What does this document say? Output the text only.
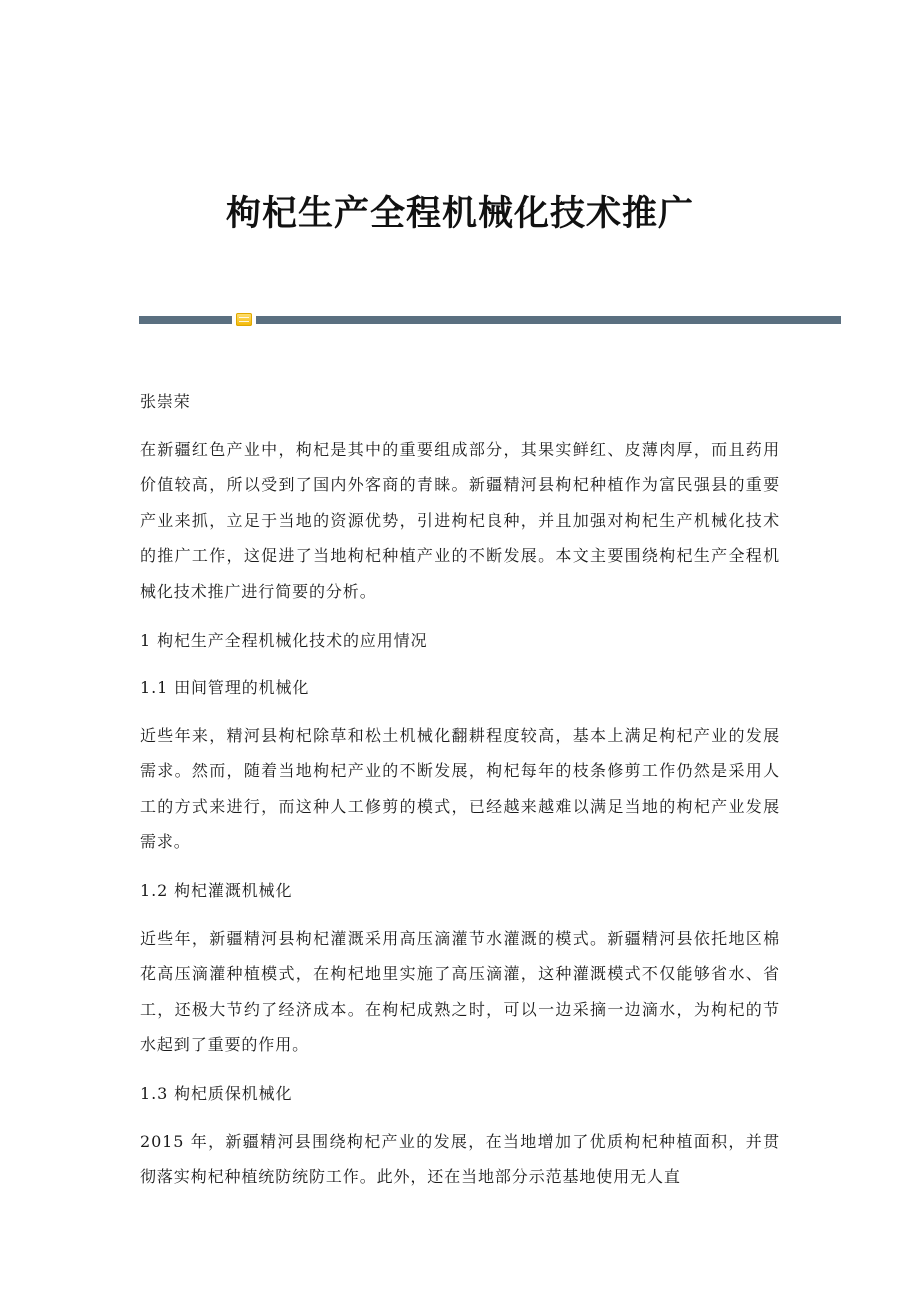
枸杞生产全程机械化技术推广

张崇荣

在新疆红色产业中，枸杞是其中的重要组成部分，其果实鲜红、皮薄肉厚，而且药用价值较高，所以受到了国内外客商的青睐。新疆精河县枸杞种植作为富民强县的重要产业来抓，立足于当地的资源优势，引进枸杞良种，并且加强对枸杞生产机械化技术的推广工作，这促进了当地枸杞种植产业的不断发展。本文主要围绕枸杞生产全程机械化技术推广进行简要的分析。

1 枸杞生产全程机械化技术的应用情况

1.1 田间管理的机械化

近些年来，精河县枸杞除草和松土机械化翻耕程度较高，基本上满足枸杞产业的发展需求。然而，随着当地枸杞产业的不断发展，枸杞每年的枝条修剪工作仍然是采用人工的方式来进行，而这种人工修剪的模式，已经越来越难以满足当地的枸杞产业发展需求。

1.2 枸杞灌溉机械化

近些年，新疆精河县枸杞灌溉采用高压滴灌节水灌溉的模式。新疆精河县依托地区棉花高压滴灌种植模式，在枸杞地里实施了高压滴灌，这种灌溉模式不仅能够省水、省工，还极大节约了经济成本。在枸杞成熟之时，可以一边采摘一边滴水，为枸杞的节水起到了重要的作用。

1.3 枸杞质保机械化

2015 年，新疆精河县围绕枸杞产业的发展，在当地增加了优质枸杞种植面积，并贯彻落实枸杞种植统防统防工作。此外，还在当地部分示范基地使用无人直
